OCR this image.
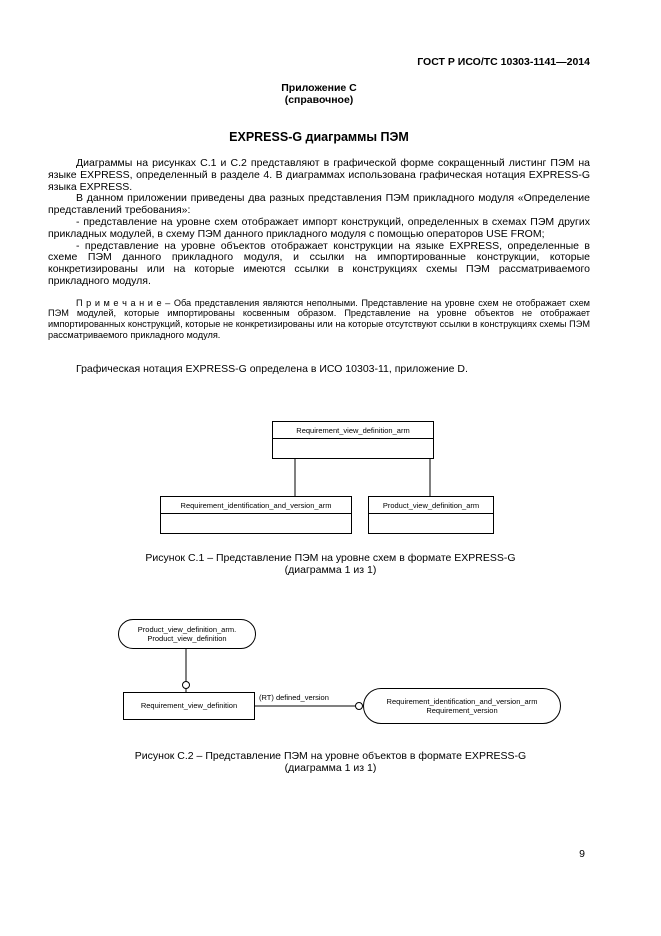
ГОСТ Р ИСО/ТС 10303-1141—2014
Приложение С
(справочное)
EXPRESS-G диаграммы ПЭМ

Диаграммы на рисунках С.1 и С.2 представляют в графической форме сокращенный листинг ПЭМ на языке EXPRESS, определенный в разделе 4. В диаграммах использована графическая нотация EXPRESS-G языка EXPRESS.

В данном приложении приведены два разных представления ПЭМ прикладного модуля «Определение представлений требования»:

- представление на уровне схем отображает импорт конструкций, определенных в схемах ПЭМ других прикладных модулей, в схему ПЭМ данного прикладного модуля с помощью операторов USE FROM;

- представление на уровне объектов отображает конструкции на языке EXPRESS, определенные в схеме ПЭМ данного прикладного модуля, и ссылки на импортированные конструкции, которые конкретизированы или на которые имеются ссылки в конструкциях схемы ПЭМ рассматриваемого прикладного модуля.

П р и м е ч а н и е – Оба представления являются неполными. Представление на уровне схем не отображает схем ПЭМ модулей, которые импортированы косвенным образом. Представление на уровне объектов не отображает импортированных конструкций, которые не конкретизированы или на которые отсутствуют ссылки в конструкциях схемы ПЭМ рассматриваемого прикладного модуля.

Графическая нотация EXPRESS-G определена в ИСО 10303-11, приложение D.

Requirement_view_definition_arm
Requirement_identification_and_version_arm	Product_view_definition_arm
Рисунок С.1 – Представление ПЭМ на уровне схем в формате EXPRESS-G
(диаграмма 1 из 1)
Product_view_definition_arm.
Product_view_definition
Requirement_view_definition
(RT) defined_version	Requirement_identification_and_version_arm
Requirement_version
Рисунок С.2 – Представление ПЭМ на уровне объектов в формате EXPRESS-G
(диаграмма 1 из 1)
9
